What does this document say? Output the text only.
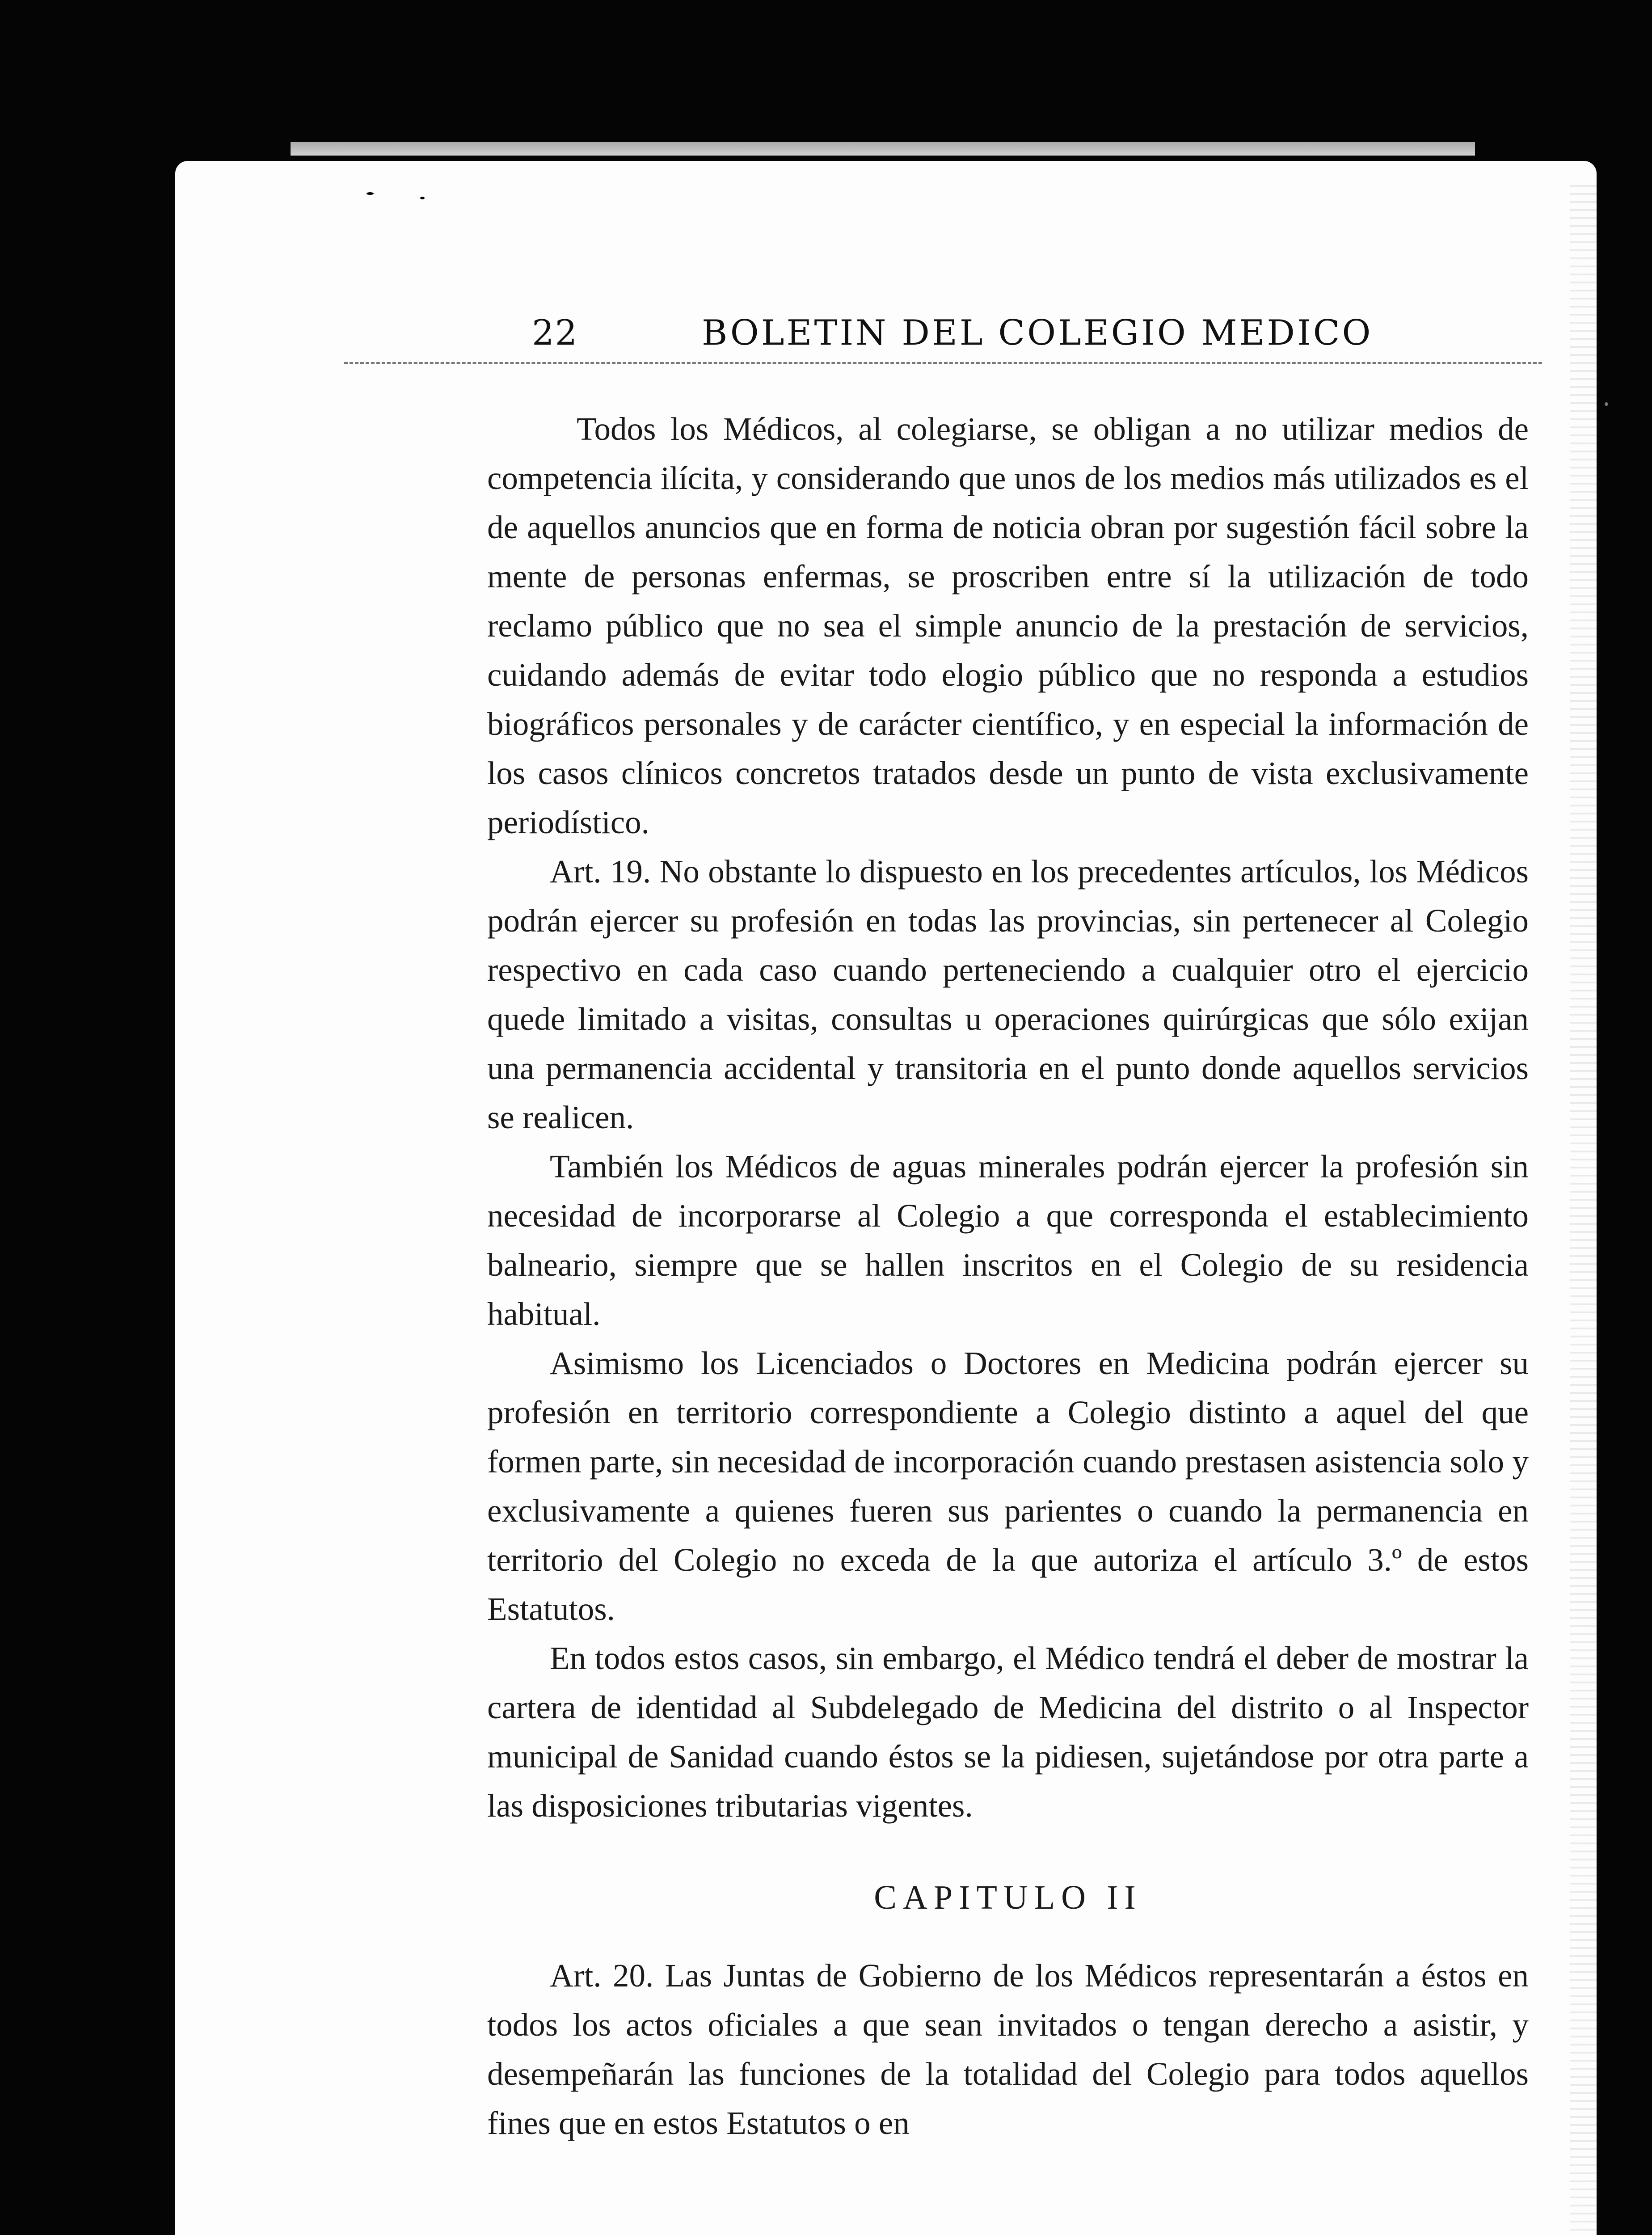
22	BOLETIN DEL COLEGIO MEDICO

Todos los Médicos, al colegiarse, se obligan a no utilizar medios de competencia ilícita, y considerando que unos de los medios más utilizados es el de aquellos anuncios que en forma de noticia obran por sugestión fácil sobre la mente de personas enfermas, se proscriben entre sí la utilización de todo reclamo público que no sea el simple anuncio de la prestación de servicios, cuidando además de evitar todo elogio público que no responda a estudios biográficos personales y de carácter científico, y en especial la información de los casos clínicos concretos tratados desde un punto de vista exclusivamente periodístico.

Art. 19. No obstante lo dispuesto en los precedentes artículos, los Médicos podrán ejercer su profesión en todas las provincias, sin pertenecer al Colegio respectivo en cada caso cuando perteneciendo a cualquier otro el ejercicio quede limitado a visitas, consultas u operaciones quirúrgicas que sólo exijan una permanencia accidental y transitoria en el punto donde aquellos servicios se realicen.

También los Médicos de aguas minerales podrán ejercer la profesión sin necesidad de incorporarse al Colegio a que corresponda el establecimiento balneario, siempre que se hallen inscritos en el Colegio de su residencia habitual.

Asimismo los Licenciados o Doctores en Medicina podrán ejercer su profesión en territorio correspondiente a Colegio distinto a aquel del que formen parte, sin necesidad de incorporación cuando prestasen asistencia solo y exclusivamente a quienes fueren sus parientes o cuando la permanencia en territorio del Colegio no exceda de la que autoriza el artículo 3.º de estos Estatutos.

En todos estos casos, sin embargo, el Médico tendrá el deber de mostrar la cartera de identidad al Subdelegado de Medicina del distrito o al Inspector municipal de Sanidad cuando éstos se la pidiesen, sujetándose por otra parte a las disposiciones tributarias vigentes.

CAPITULO II

Art. 20. Las Juntas de Gobierno de los Médicos representarán a éstos en todos los actos oficiales a que sean invitados o tengan derecho a asistir, y desempeñarán las funciones de la totalidad del Colegio para todos aquellos fines que en estos Estatutos o en
